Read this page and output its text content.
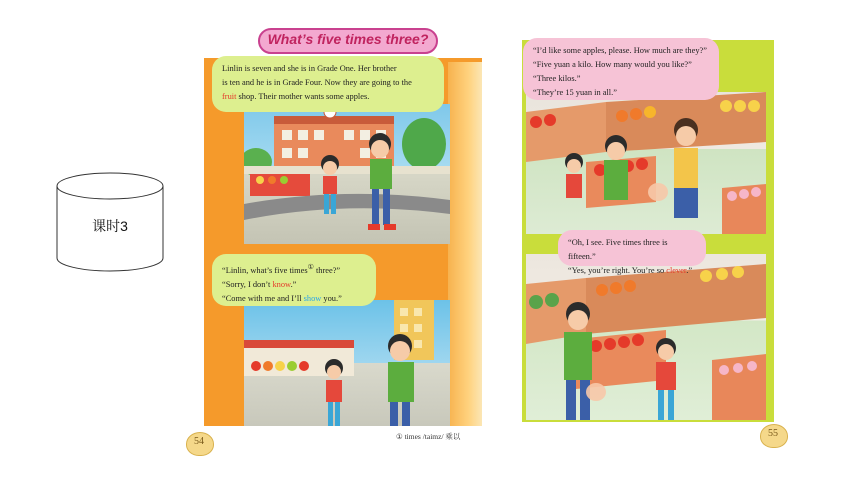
课时3
What’s five times three?
Linlin is seven and she is in Grade One. Her brother
is ten and he is in Grade Four. Now they are going to the
fruit shop. Their mother wants some apples.
“Linlin, what’s five times① three?”
“Sorry, I don’t know.”
“Come with me and I’ll show you.”
54	① times /taimz/ 乘以
“I’d like some apples, please. How much are they?”
“Five yuan a kilo. How many would you like?”
“Three kilos.”
“They’re 15 yuan in all.”
“Oh, I see. Five times three is fifteen.”
“Yes, you’re right. You’re so clever.”
55
